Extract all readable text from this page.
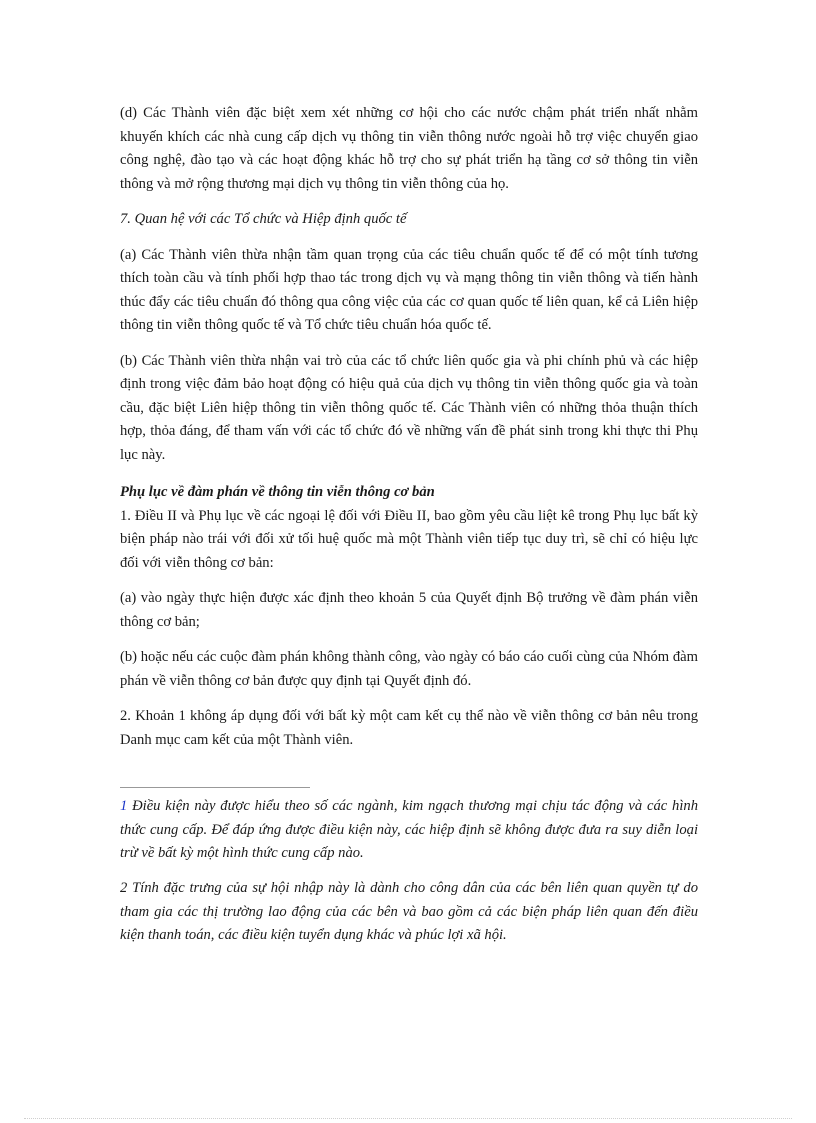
(d) Các Thành viên đặc biệt xem xét những cơ hội cho các nước chậm phát triển nhất nhằm khuyến khích các nhà cung cấp dịch vụ thông tin viễn thông nước ngoài hỗ trợ việc chuyển giao công nghệ, đào tạo và các hoạt động khác hỗ trợ cho sự phát triển hạ tầng cơ sở thông tin viễn thông và mở rộng thương mại dịch vụ thông tin viễn thông của họ.

7. Quan hệ với các Tổ chức và Hiệp định quốc tế

(a) Các Thành viên thừa nhận tầm quan trọng của các tiêu chuẩn quốc tế để có một tính tương thích toàn cầu và tính phối hợp thao tác trong dịch vụ và mạng thông tin viễn thông và tiến hành thúc đẩy các tiêu chuẩn đó thông qua công việc của các cơ quan quốc tế liên quan, kể cả Liên hiệp thông tin viễn thông quốc tế và Tổ chức tiêu chuẩn hóa quốc tế.

(b) Các Thành viên thừa nhận vai trò của các tổ chức liên quốc gia và phi chính phủ và các hiệp định trong việc đảm bảo hoạt động có hiệu quả của dịch vụ thông tin viễn thông quốc gia và toàn cầu, đặc biệt Liên hiệp thông tin viễn thông quốc tế. Các Thành viên có những thỏa thuận thích hợp, thỏa đáng, để tham vấn với các tổ chức đó về những vấn đề phát sinh trong khi thực thi Phụ lục này.

Phụ lục về đàm phán về thông tin viễn thông cơ bản

1. Điều II và Phụ lục về các ngoại lệ đối với Điều II, bao gồm yêu cầu liệt kê trong Phụ lục bất kỳ biện pháp nào trái với đối xử tối huệ quốc mà một Thành viên tiếp tục duy trì, sẽ chỉ có hiệu lực đối với viễn thông cơ bản:

(a) vào ngày thực hiện được xác định theo khoản 5 của Quyết định Bộ trưởng về đàm phán viễn thông cơ bản;

(b) hoặc nếu các cuộc đàm phán không thành công, vào ngày có báo cáo cuối cùng của Nhóm đàm phán về viễn thông cơ bản được quy định tại Quyết định đó.

2. Khoản 1 không áp dụng đối với bất kỳ một cam kết cụ thể nào về viễn thông cơ bản nêu trong Danh mục cam kết của một Thành viên.

1 Điều kiện này được hiểu theo số các ngành, kim ngạch thương mại chịu tác động và các hình thức cung cấp. Để đáp ứng được điều kiện này, các hiệp định sẽ không được đưa ra suy diễn loại trừ về bất kỳ một hình thức cung cấp nào.
2 Tính đặc trưng của sự hội nhập này là dành cho công dân của các bên liên quan quyền tự do tham gia các thị trường lao động của các bên và bao gồm cả các biện pháp liên quan đến điều kiện thanh toán, các điều kiện tuyển dụng khác và phúc lợi xã hội.
